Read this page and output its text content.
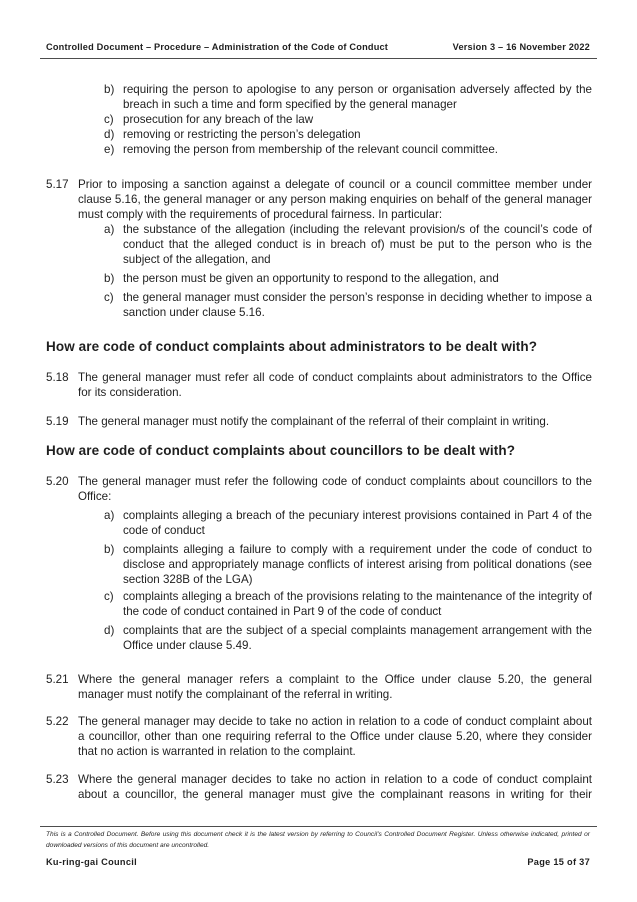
Controlled Document – Procedure – Administration of the Code of Conduct	Version 3 – 16 November 2022
b) requiring the person to apologise to any person or organisation adversely affected by the breach in such a time and form specified by the general manager
c) prosecution for any breach of the law
d) removing or restricting the person’s delegation
e) removing the person from membership of the relevant council committee.
5.17 Prior to imposing a sanction against a delegate of council or a council committee member under clause 5.16, the general manager or any person making enquiries on behalf of the general manager must comply with the requirements of procedural fairness. In particular:
a) the substance of the allegation (including the relevant provision/s of the council’s code of conduct that the alleged conduct is in breach of) must be put to the person who is the subject of the allegation, and
b) the person must be given an opportunity to respond to the allegation, and
c) the general manager must consider the person’s response in deciding whether to impose a sanction under clause 5.16.
How are code of conduct complaints about administrators to be dealt with?
5.18 The general manager must refer all code of conduct complaints about administrators to the Office for its consideration.
5.19 The general manager must notify the complainant of the referral of their complaint in writing.
How are code of conduct complaints about councillors to be dealt with?
5.20 The general manager must refer the following code of conduct complaints about councillors to the Office:
a) complaints alleging a breach of the pecuniary interest provisions contained in Part 4 of the code of conduct
b) complaints alleging a failure to comply with a requirement under the code of conduct to disclose and appropriately manage conflicts of interest arising from political donations (see section 328B of the LGA)
c) complaints alleging a breach of the provisions relating to the maintenance of the integrity of the code of conduct contained in Part 9 of the code of conduct
d) complaints that are the subject of a special complaints management arrangement with the Office under clause 5.49.
5.21 Where the general manager refers a complaint to the Office under clause 5.20, the general manager must notify the complainant of the referral in writing.
5.22 The general manager may decide to take no action in relation to a code of conduct complaint about a councillor, other than one requiring referral to the Office under clause 5.20, where they consider that no action is warranted in relation to the complaint.
5.23 Where the general manager decides to take no action in relation to a code of conduct complaint about a councillor, the general manager must give the complainant reasons in writing for their
This is a Controlled Document. Before using this document check it is the latest version by referring to Council’s Controlled Document Register. Unless otherwise indicated, printed or downloaded versions of this document are uncontrolled.
Ku-ring-gai Council	Page 15 of 37
